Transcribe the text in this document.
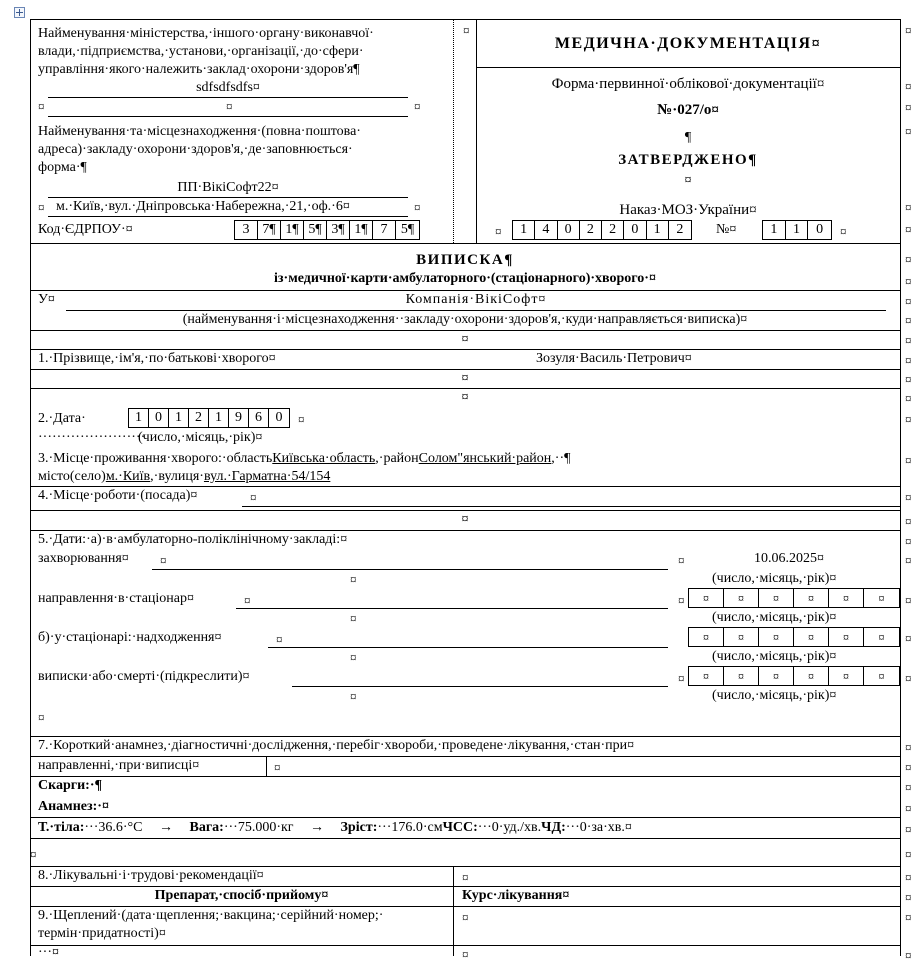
Найменування·міністерства,·іншого·органу·виконавчої·
влади,·підприємства,·установи,·організації,·до·сфери·
управління·якого·належить·заклад·охорони·здоров'я¶
sdfsdfsdfs¤
¤	¤	¤
Найменування·та·місцезнаходження·(повна·поштова·
адреса)·закладу·охорони·здоров'я,·де·заповнюється·
форма·¶
ПП·ВікіСофт22¤
¤ м.·Київ,·вул.·Дніпровська·Набережна,·21,·оф.·6¤	¤
Код·ЄДРПОУ·¤	3 7¶ 1¶ 5¶ 3¶ 1¶ 7 5¶
¤
МЕДИЧНА·ДОКУМЕНТАЦІЯ¤
Форма·первинної·облікової·документації¤
№·027/о¤
¶
ЗАТВЕРДЖЕНО¶
¤
Наказ·МОЗ·України¤
¤	1	4	0	2	2	0	1	2	№¤	1	1	0	¤
ВИПИСКА¶
із·медичної·карти·амбулаторного·(стаціонарного)·хворого·¤
У¤	Компанія·ВікіСофт¤
(найменування·і·місцезнаходження··закладу·охорони·здоров'я,·куди·направляється·виписка)¤
¤
1.·Прізвище,·ім'я,·по·батькові·хворого¤	Зозуля·Василь·Петрович¤
¤
¤
2.·Дата·	1 0 1 2 1 9 6 0	¤
·······················
(число,·місяць,·рік)¤
3.·Місце·проживання·хворого:·областьКиївська·область,·районСолом"янський·район,··¶
місто(село)м.·Київ,·вулиця·вул.·Гарматна·54/154
4.·Місце·роботи·(посада)¤	¤
¤
5.·Дати:·а)·в·амбулаторно-поліклінічному·закладі:¤
захворювання¤ ¤	¤	10.06.2025¤
¤	(число,·місяць,·рік)¤
направлення·в·стаціонар¤	¤	¤	¤	¤	¤	¤	¤	¤
¤	(число,·місяць,·рік)¤
б)·у·стаціонарі:·надходження¤	¤	¤	¤	¤	¤	¤	¤
¤	(число,·місяць,·рік)¤
виписки·або·смерті·(підкреслити)¤	¤	¤	¤	¤	¤	¤	¤
¤	(число,·місяць,·рік)¤
¤
7.·Короткий·анамнез,·діагностичні·дослідження,·перебіг·хвороби,·проведене·лікування,·стан·при¤
направленні,·при·виписці¤	¤
Скарги:·¶
Анамнез:·¤
Т.·тіла:···36.6·°С → Вага:···75.000·кг → Зріст:···176.0·смЧСС:···0·уд./хв.ЧД:···0·за·хв.¤
¤
8.·Лікувальні·і·трудові·рекомендації¤	¤
Препарат,·спосіб·прийому¤	Курс·лікування¤
9.·Щеплений·(дата·щеплення;·вакцина;·серійний·номер;·
термін·придатності)¤
¤
···¤	¤
¤
¤
¤
¤
¤
¤
¤
¤
¤
¤
¤
¤
¤
¤
¤
¤
¤
¤
¤
¤
¤
¤
¤
¤
¤
¤
¤
¤
¤
¤
¤
¤
¤
